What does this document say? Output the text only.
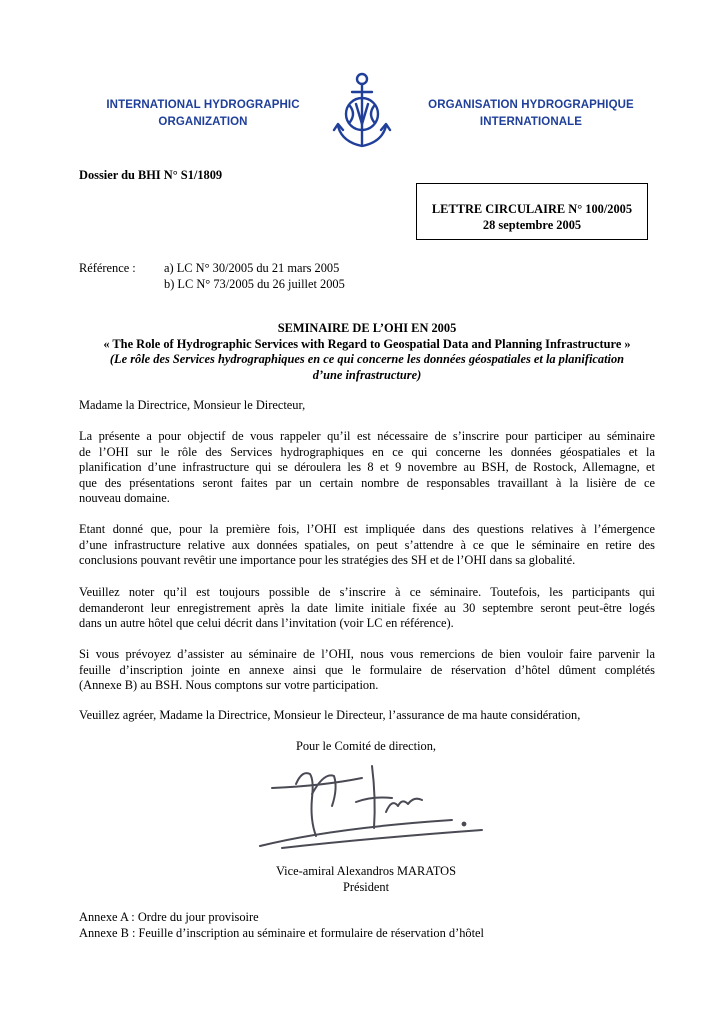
INTERNATIONAL HYDROGRAPHIC
ORGANIZATION
ORGANISATION HYDROGRAPHIQUE
INTERNATIONALE
Dossier du BHI N° S1/1809
LETTRE CIRCULAIRE N° 100/2005
28 septembre 2005
Référence : a) LC N° 30/2005 du 21 mars 2005
b) LC N° 73/2005 du 26 juillet 2005
SEMINAIRE DE L’OHI EN 2005
« The Role of Hydrographic Services with Regard to Geospatial Data and Planning Infrastructure »
(Le rôle des Services hydrographiques en ce qui concerne les données géospatiales et la planification
d’une infrastructure)
Madame la Directrice, Monsieur le Directeur,
La présente a pour objectif de vous rappeler qu’il est nécessaire de s’inscrire pour participer au séminaire
de l’OHI sur le rôle des Services hydrographiques en ce qui concerne les données géospatiales et la
planification d’une infrastructure qui se déroulera les 8 et 9 novembre au BSH, de Rostock, Allemagne, et
que des présentations seront faites par un certain nombre de responsables travaillant à la lisière de ce
nouveau domaine.
Etant donné que, pour la première fois, l’OHI est impliquée dans des questions relatives à l’émergence
d’une infrastructure relative aux données spatiales, on peut s’attendre à ce que le séminaire en retire des
conclusions pouvant revêtir une importance pour les stratégies des SH et de l’OHI dans sa globalité.
Veuillez noter qu’il est toujours possible de s’inscrire à ce séminaire. Toutefois, les participants qui
demanderont leur enregistrement après la date limite initiale fixée au 30 septembre seront peut-être logés
dans un autre hôtel que celui décrit dans l’invitation (voir LC en référence).
Si vous prévoyez d’assister au séminaire de l’OHI, nous vous remercions de bien vouloir faire parvenir la
feuille d’inscription jointe en annexe ainsi que le formulaire de réservation d’hôtel dûment complétés
(Annexe B) au BSH. Nous comptons sur votre participation.
Veuillez agréer, Madame la Directrice, Monsieur le Directeur, l’assurance de ma haute considération,
Pour le Comité de direction,
Vice-amiral Alexandros MARATOS
Président
Annexe A : Ordre du jour provisoire
Annexe B : Feuille d’inscription au séminaire et formulaire de réservation d’hôtel
